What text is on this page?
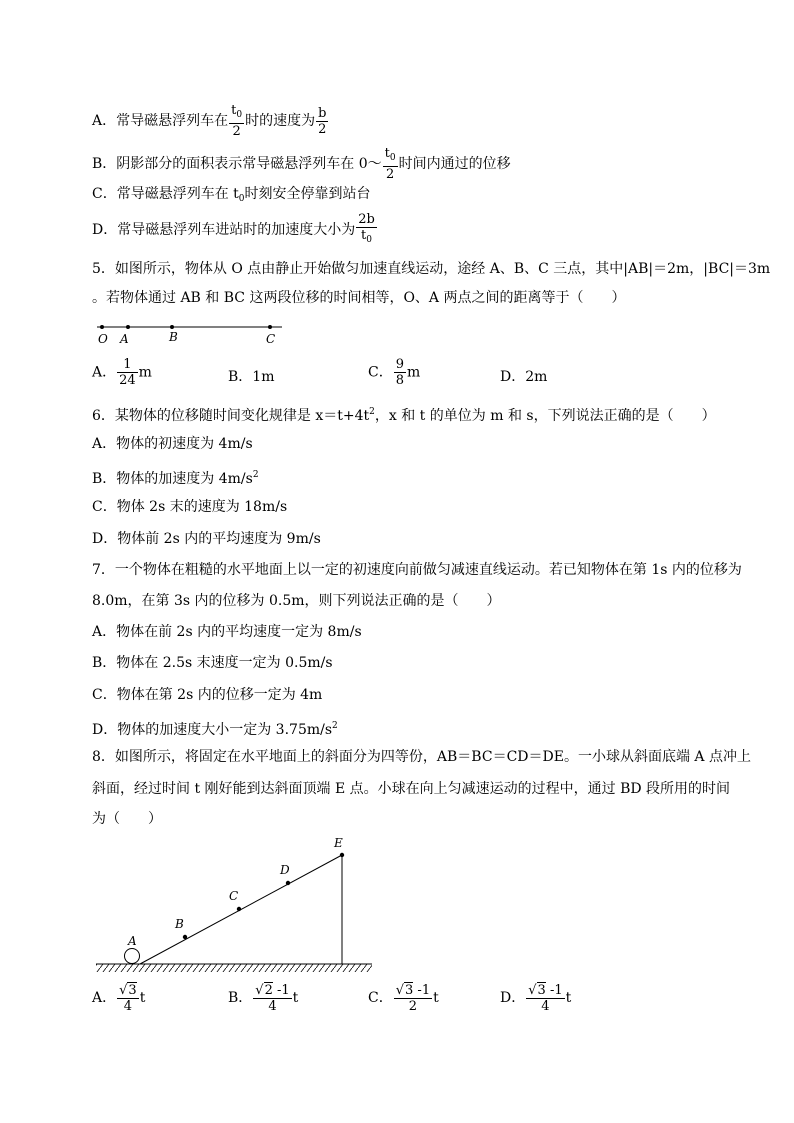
A．常导磁悬浮列车在 $\frac{t_0}{2}$ 时的速度为 $\frac{b}{2}$
B．阴影部分的面积表示常导磁悬浮列车在 0～ $\frac{t_0}{2}$ 时间内通过的位移
C．常导磁悬浮列车在 $t_0$时刻安全停靠到站台
D．常导磁悬浮列车进站时的加速度大小为 $\frac{2b}{t_0}$
5．如图所示，物体从 O 点由静止开始做匀加速直线运动，途经 A、B、C 三点，其中|AB|＝2m，|BC|＝3m
。若物体通过 AB 和 BC 这两段位移的时间相等，O、A 两点之间的距离等于（　　）
O A	B	C
A． $\frac{1}{24}$ m	B．1m	C． $\frac{9}{8}$ m	D．2m
6．某物体的位移随时间变化规律是 $x=t+4t^2$，x 和 t 的单位为 m 和 s，下列说法正确的是（　　）
A．物体的初速度为 4m/s
B．物体的加速度为 $4m/s^2$
C．物体 2s 末的速度为 18m/s
D．物体前 2s 内的平均速度为 9m/s
7．一个物体在粗糙的水平地面上以一定的初速度向前做匀减速直线运动。若已知物体在第 1s 内的位移为
8.0m，在第 3s 内的位移为 0.5m，则下列说法正确的是（　　）
A．物体在前 2s 内的平均速度一定为 8m/s
B．物体在 2.5s 末速度一定为 0.5m/s
C．物体在第 2s 内的位移一定为 4m
D．物体的加速度大小一定为 $3.75m/s^2$
8．如图所示，将固定在水平地面上的斜面分为四等份，AB＝BC＝CD＝DE。一小球从斜面底端 A 点冲上
斜面，经过时间 t 刚好能到达斜面顶端 E 点。小球在向上匀减速运动的过程中，通过 BD 段所用的时间
为（　　）
A
B
C
D
E
A． $\frac{√3}{4}$ t	B． $\frac{√2 -1}{4}$ t	C． $\frac{√3 -1}{2}$ t	D． $\frac{√3 -1}{4}$ t
